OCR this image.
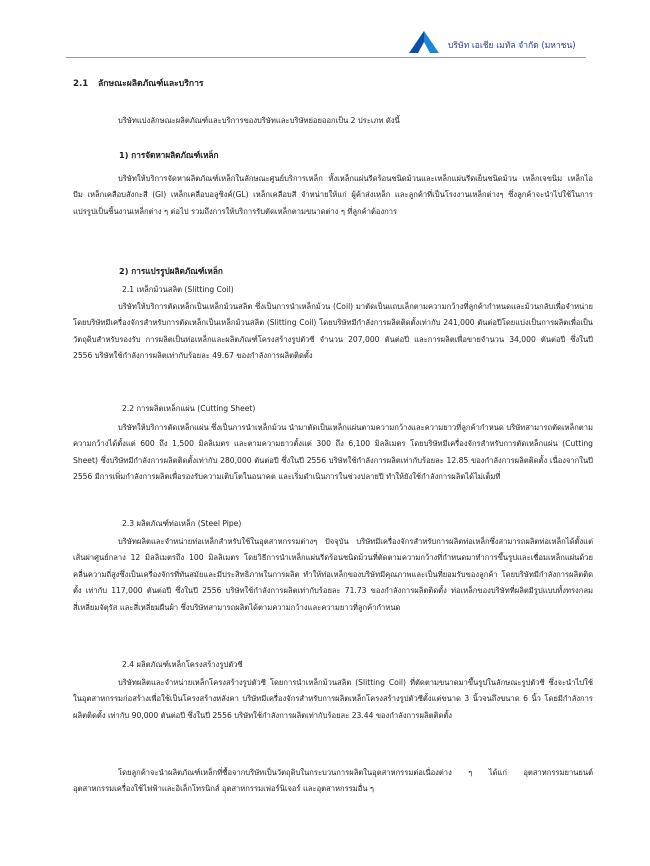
บริษัท เอเชีย เมทัล จำกัด (มหาชน)
2.1 ลักษณะผลิตภัณฑ์และบริการ

บริษัทแบ่งลักษณะผลิตภัณฑ์และบริการของบริษัทและบริษัทย่อยออกเป็น 2 ประเภท ดังนี้

1) การจัดหาผลิตภัณฑ์เหล็ก

บริษัทให้บริการจัดหาผลิตภัณฑ์เหล็กในลักษณะศูนย์บริการเหล็ก ทั้งเหล็กแผ่นรีดร้อนชนิดม้วนและเหล็กแผ่นรีดเย็นชนิดม้วน เหล็กเจขนิม เหล็กไอบีม เหล็กเคลือบสังกะสี (GI) เหล็กเคลือบอลูซิงค์(GL) เหล็กเคลือบสี จำหน่ายให้แก่ ผู้ค้าส่งเหล็ก และลูกค้าที่เป็นโรงงานเหล็กต่างๆ ซึ่งลูกค้าจะนำไปใช้ในการแปรรูปเป็นชิ้นงานเหล็กต่าง ๆ ต่อไป รวมถึงการให้บริการรับตัดเหล็กตามขนาดต่าง ๆ ที่ลูกค้าต้องการ

2) การแปรรูปผลิตภัณฑ์เหล็ก
2.1 เหล็กม้วนสลิต (Slitting Coil)

บริษัทให้บริการตัดเหล็กเป็นเหล็กม้วนสลิต ซึ่งเป็นการนำเหล็กม้วน (Coil) มาตัดเป็นแถบเล็กตามความกว้างที่ลูกค้ากำหนดและม้วนกลับเพื่อจำหน่าย โดยบริษัทมีเครื่องจักรสำหรับการตัดเหล็กเป็นเหล็กม้วนสลิต (Slitting Coil) โดยบริษัทมีกำลังการผลิตติดตั้งเท่ากับ 241,000 ตันต่อปีโดยแบ่งเป็นการผลิตเพื่อเป็นวัตถุดิบสำหรับรองรับ การผลิตเป็นท่อเหล็กและผลิตภัณฑ์โครงสร้างรูปตัวซี จำนวน 207,000 ตันต่อปี และการผลิตเพื่อขายจำนวน 34,000 ตันต่อปี ซึ่งในปี 2556 บริษัทใช้กำลังการผลิตเท่ากับร้อยละ 49.67 ของกำลังการผลิตติดตั้ง

2.2 การผลิตเหล็กแผ่น (Cutting Sheet)

บริษัทให้บริการตัดเหล็กแผ่น ซึ่งเป็นการนำเหล็กม้วน นำมาตัดเป็นเหล็กแผ่นตามความกว้างและความยาวที่ลูกค้ากำหนด บริษัทสามารถตัดเหล็กตามความกว้างได้ตั้งแต่ 600 ถึง 1,500 มิลลิเมตร และตามความยาวตั้งแต่ 300 ถึง 6,100 มิลลิเมตร โดยบริษัทมีเครื่องจักรสำหรับการตัดเหล็กแผ่น (Cutting Sheet) ซึ่งบริษัทมีกำลังการผลิตติดตั้งเท่ากับ 280,000 ตันต่อปี ซึ่งในปี 2556 บริษัทใช้กำลังการผลิตเท่ากับร้อยละ 12.85 ของกำลังการผลิตติดตั้ง เนื่องจากในปี 2556 มีการเพิ่มกำลังการผลิตเพื่อรองรับความเติบโตในอนาคต และเริ่มดำเนินการในช่วงปลายปี ทำให้ยังใช้กำลังการผลิตได้ไม่เต็มที่

2.3 ผลิตภัณฑ์ท่อเหล็ก (Steel Pipe)

บริษัทผลิตและจำหน่ายท่อเหล็กสำหรับใช้ในอุตสาหกรรมต่างๆ ปัจจุบัน บริษัทมีเครื่องจักรสำหรับการผลิตท่อเหล็กซึ่งสามารถผลิตท่อเหล็กได้ตั้งแต่เส้นผ่าศูนย์กลาง 12 มิลลิเมตรถึง 100 มิลลิเมตร โดยวิธีการนำเหล็กแผ่นรีดร้อนชนิดม้วนที่ตัดตามความกว้างที่กำหนดมาทำการขึ้นรูปและเชื่อมเหล็กแผ่นด้วยคลื่นความถี่สูงซึ่งเป็นเครื่องจักรที่ทันสมัยและมีประสิทธิภาพในการผลิต ทำให้ท่อเหล็กของบริษัทมีคุณภาพและเป็นที่ยอมรับของลูกค้า โดยบริษัทมีกำลังการผลิตติดตั้ง เท่ากับ 117,000 ตันต่อปี ซึ่งในปี 2556 บริษัทใช้กำลังการผลิตเท่ากับร้อยละ 71.73 ของกำลังการผลิตติดตั้ง ท่อเหล็กของบริษัทที่ผลิตมีรูปแบบทั้งทรงกลม สี่เหลี่ยมจัตุรัส และสี่เหลี่ยมผืนผ้า ซึ่งบริษัทสามารถผลิตได้ตามความกว้างและความยาวที่ลูกค้ากำหนด

2.4 ผลิตภัณฑ์เหล็กโครงสร้างรูปตัวซี

บริษัทผลิตและจำหน่ายเหล็กโครงสร้างรูปตัวซี โดยการนำเหล็กม้วนสลิต (Slitting Coil) ที่ตัดตามขนาดมาขึ้นรูปในลักษณะรูปตัวซี ซึ่งจะนำไปใช้ในอุตสาหกรรมก่อสร้างเพื่อใช้เป็นโครงสร้างหลังคา บริษัทมีเครื่องจักรสำหรับการผลิตเหล็กโครงสร้างรูปตัวซีตั้งแต่ขนาด 3 นิ้วจนถึงขนาด 6 นิ้ว โดยมีกำลังการผลิตติดตั้ง เท่ากับ 90,000 ตันต่อปี ซึ่งในปี 2556 บริษัทใช้กำลังการผลิตเท่ากับร้อยละ 23.44 ของกำลังการผลิตติดตั้ง

โดยลูกค้าจะนำผลิตภัณฑ์เหล็กที่ซื้อจากบริษัทเป็นวัตถุดิบในกระบวนการผลิตในอุตสาหกรรมต่อเนื่องต่าง ๆ ได้แก่ อุตสาหกรรมยานยนต์ อุตสาหกรรมเครื่องใช้ไฟฟ้าและอิเล็กโทรนิกส์ อุตสาหกรรมเฟอร์นิเจอร์ และอุตสาหกรรมอื่น ๆ
